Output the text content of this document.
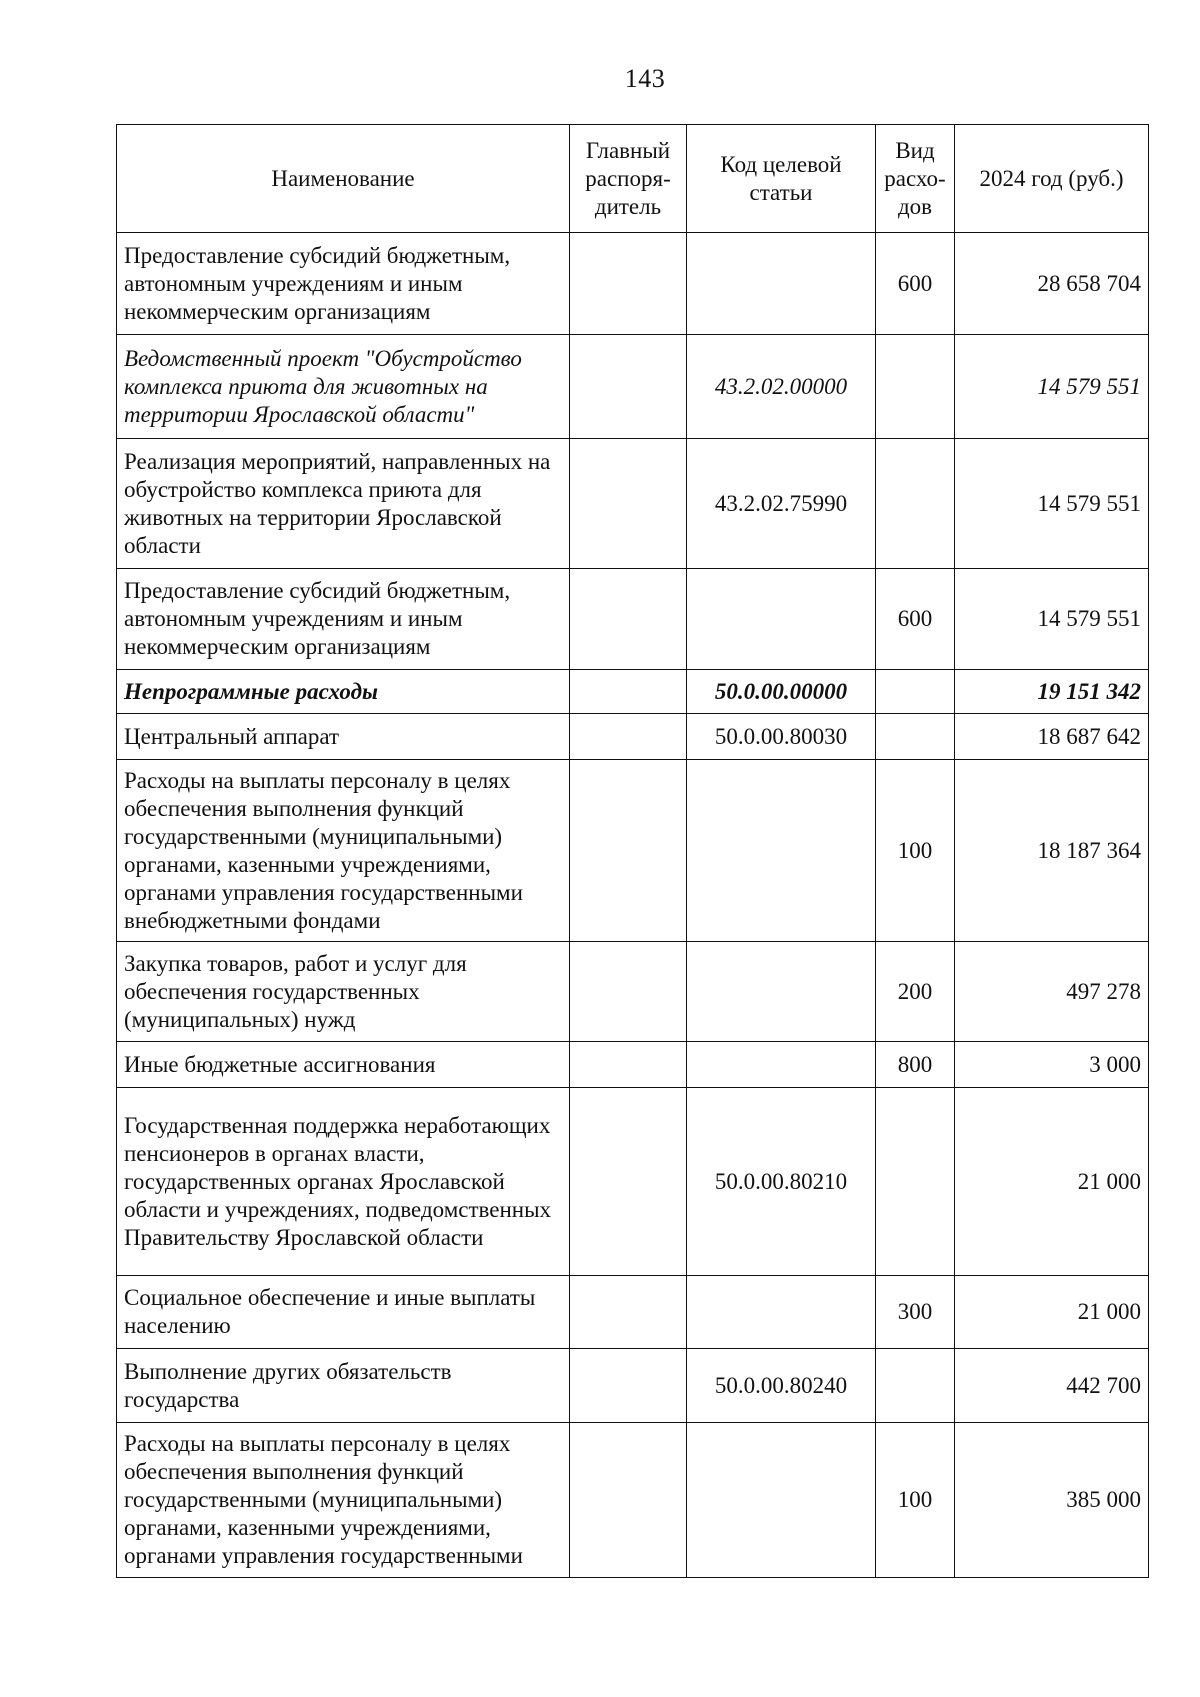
143
Наименование	Главный распоря-дитель	Код целевой статьи	Вид расхо-дов	2024 год (руб.)
Предоставление субсидий бюджетным, автономным учреждениям и иным некоммерческим организациям			600	28 658 704
Ведомственный проект "Обустройство комплекса приюта для животных на территории Ярославской области"		43.2.02.00000		14 579 551
Реализация мероприятий, направленных на обустройство комплекса приюта для животных на территории Ярославской области		43.2.02.75990		14 579 551
Предоставление субсидий бюджетным, автономным учреждениям и иным некоммерческим организациям			600	14 579 551
Непрограммные расходы		50.0.00.00000		19 151 342
Центральный аппарат		50.0.00.80030		18 687 642
Расходы на выплаты персоналу в целях обеспечения выполнения функций государственными (муниципальными) органами, казенными учреждениями, органами управления государственными внебюджетными фондами			100	18 187 364
Закупка товаров, работ и услуг для обеспечения государственных (муниципальных) нужд			200	497 278
Иные бюджетные ассигнования			800	3 000
Государственная поддержка неработающих пенсионеров в органах власти, государственных органах Ярославской области и учреждениях, подведомственных Правительству Ярославской области		50.0.00.80210		21 000
Социальное обеспечение и иные выплаты населению			300	21 000
Выполнение других обязательств государства		50.0.00.80240		442 700
Расходы на выплаты персоналу в целях обеспечения выполнения функций государственными (муниципальными) органами, казенными учреждениями, органами управления государственными			100	385 000
